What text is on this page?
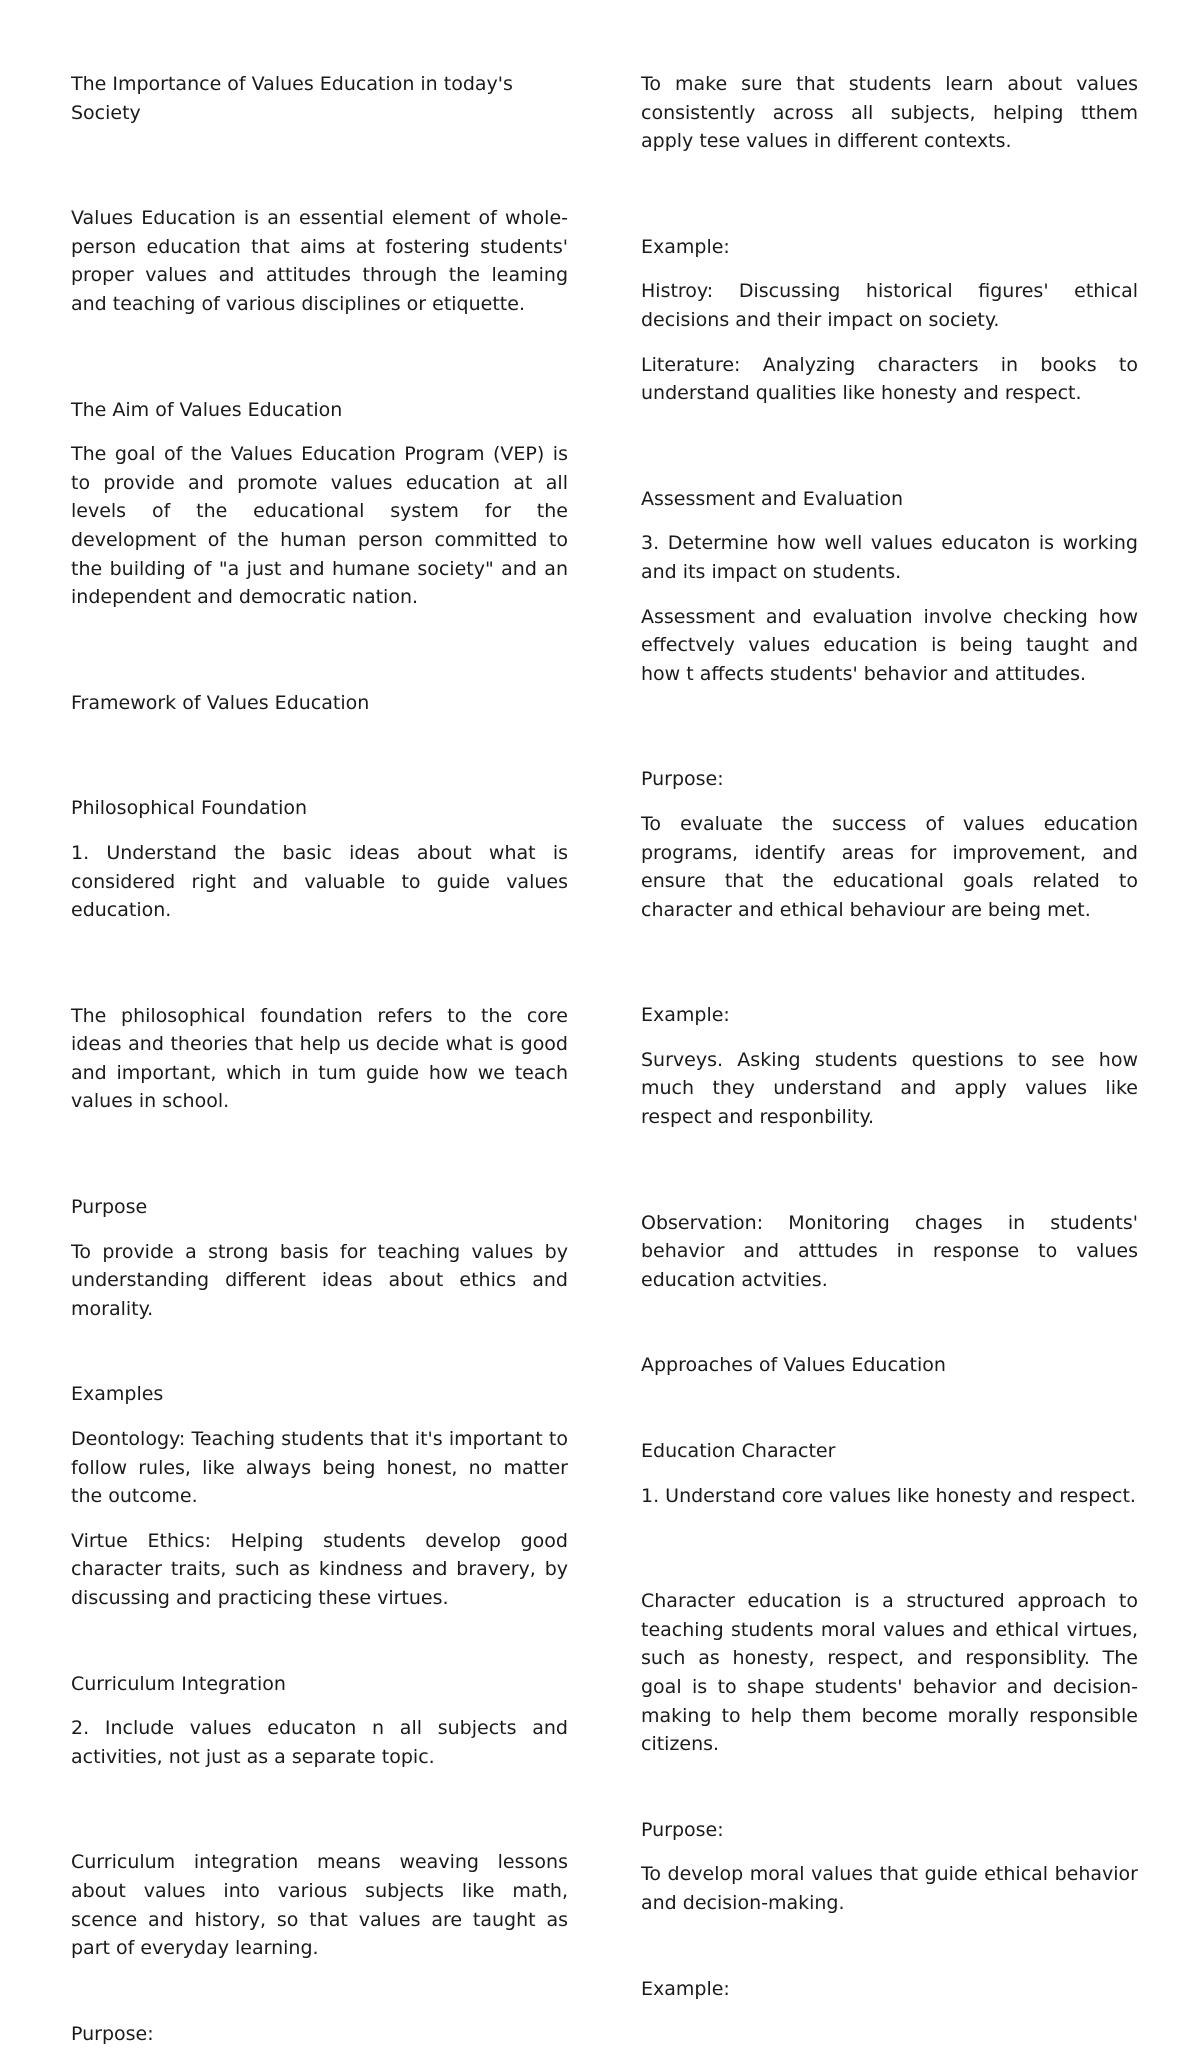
The Importance of Values Education in today's Society

Values Education is an essential element of whole-person education that aims at fostering students' proper values and attitudes through the leaming and teaching of various disciplines or etiquette.

The Aim of Values Education

The goal of the Values Education Program (VEP) is to provide and promote values education at all levels of the educational system for the development of the human person committed to the building of "a just and humane society" and an independent and democratic nation.

Framework of Values Education

Philosophical Foundation

1. Understand the basic ideas about what is considered right and valuable to guide values education.

The philosophical foundation refers to the core ideas and theories that help us decide what is good and important, which in tum guide how we teach values in school.

Purpose

To provide a strong basis for teaching values by understanding different ideas about ethics and morality.

Examples

Deontology: Teaching students that it's important to follow rules, like always being honest, no matter the outcome.

Virtue Ethics: Helping students develop good character traits, such as kindness and bravery, by discussing and practicing these virtues.

Curriculum Integration

2. Include values educaton n all subjects and activities, not just as a separate topic.

Curriculum integration means weaving lessons about values into various subjects like math, scence and history, so that values are taught as part of everyday learning.

Purpose:

To make sure that students learn about values consistently across all subjects, helping tthem apply tese values in different contexts.

Example:

Histroy: Discussing historical figures' ethical decisions and their impact on society.

Literature: Analyzing characters in books to understand qualities like honesty and respect.

Assessment and Evaluation

3. Determine how well values educaton is working and its impact on students.

Assessment and evaluation involve checking how effectvely values education is being taught and how t affects students' behavior and attitudes.

Purpose:

To evaluate the success of values education programs, identify areas for improvement, and ensure that the educational goals related to character and ethical behaviour are being met.

Example:

Surveys. Asking students questions to see how much they understand and apply values like respect and responbility.

Observation: Monitoring chages in students' behavior and atttudes in response to values education actvities.

Approaches of Values Education

Education Character

1. Understand core values like honesty and respect.

Character education is a structured approach to teaching students moral values and ethical virtues, such as honesty, respect, and responsiblity. The goal is to shape students' behavior and decision-making to help them become morally responsible citizens.

Purpose:

To develop moral values that guide ethical behavior and decision-making.

Example:
